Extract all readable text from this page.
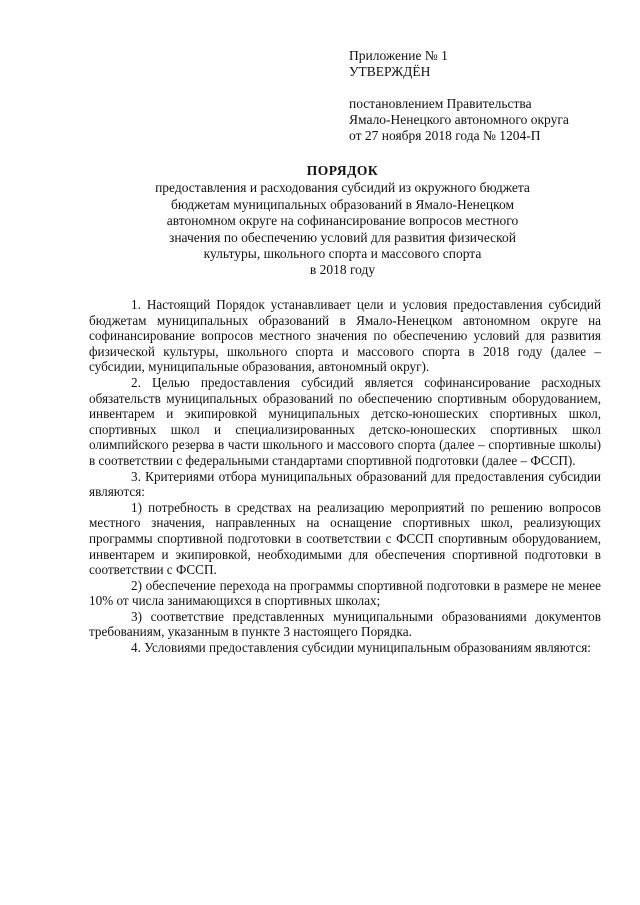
Приложение № 1
УТВЕРЖДЁН
постановлением Правительства
Ямало-Ненецкого автономного округа
от 27 ноября 2018 года № 1204-П
ПОРЯДОК
предоставления и расходования субсидий из окружного бюджета
бюджетам муниципальных образований в Ямало-Ненецком
автономном округе на софинансирование вопросов местного
значения по обеспечению условий для развития физической
культуры, школьного спорта и массового спорта
в 2018 году

1. Настоящий Порядок устанавливает цели и условия предоставления субсидий бюджетам муниципальных образований в Ямало-Ненецком автономном округе на софинансирование вопросов местного значения по обеспечению условий для развития физической культуры, школьного спорта и массового спорта в 2018 году (далее – субсидии, муниципальные образования, автономный округ).

2. Целью предоставления субсидий является софинансирование расходных обязательств муниципальных образований по обеспечению спортивным оборудованием, инвентарем и экипировкой муниципальных детско-юношеских спортивных школ, спортивных школ и специализированных детско-юношеских спортивных школ олимпийского резерва в части школьного и массового спорта (далее – спортивные школы) в соответствии с федеральными стандартами спортивной подготовки (далее – ФССП).

3. Критериями отбора муниципальных образований для предоставления субсидии являются:

1) потребность в средствах на реализацию мероприятий по решению вопросов местного значения, направленных на оснащение спортивных школ, реализующих программы спортивной подготовки в соответствии с ФССП спортивным оборудованием, инвентарем и экипировкой, необходимыми для обеспечения спортивной подготовки в соответствии с ФССП.

2) обеспечение перехода на программы спортивной подготовки в размере не менее 10% от числа занимающихся в спортивных школах;

3) соответствие представленных муниципальными образованиями документов требованиям, указанным в пункте 3 настоящего Порядка.

4. Условиями предоставления субсидии муниципальным образованиям являются:
